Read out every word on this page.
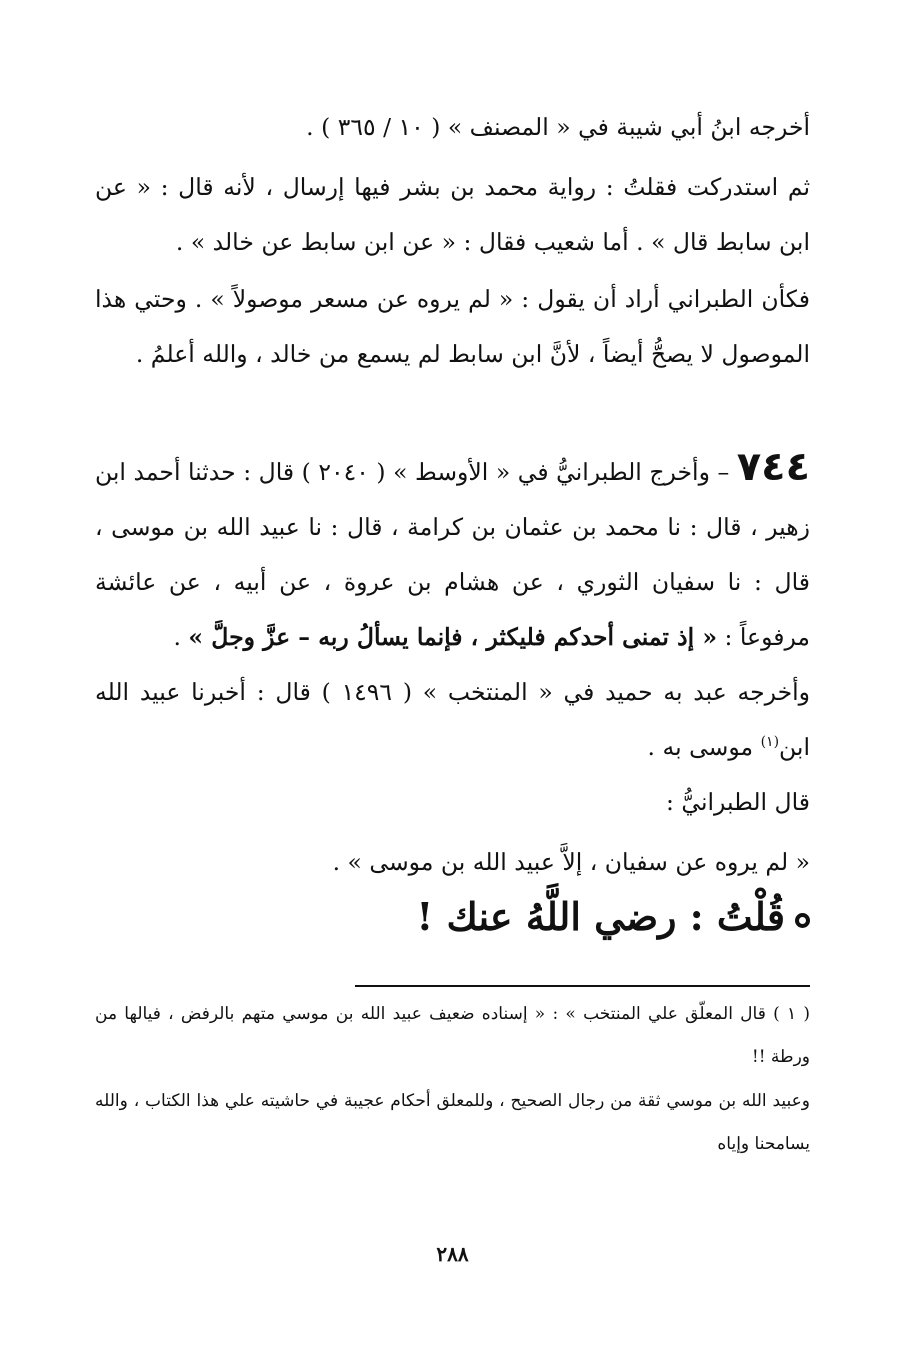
أخرجه ابنُ أبي شيبة في « المصنف » ( ١٠ / ٣٦٥ ) .
ثم استدركت فقلتُ : رواية محمد بن بشر فيها إرسال ، لأنه قال : « عن ابن سابط قال » . أما شعيب فقال : « عن ابن سابط عن خالد » .
فكأن الطبراني أراد أن يقول : « لم يروه عن مسعر موصولاً » . وحتي هذا الموصول لا يصحُّ أيضاً ، لأنَّ ابن سابط لم يسمع من خالد ، والله أعلمُ .
٧٤٤ – وأخرج الطبرانيُّ في « الأوسط » ( ٢٠٤٠ ) قال : حدثنا أحمد ابن زهير ، قال : نا محمد بن عثمان بن كرامة ، قال : نا عبيد الله بن موسى ، قال : نا سفيان الثوري ، عن هشام بن عروة ، عن أبيه ، عن عائشة مرفوعاً : « إذ تمنى أحدكم فليكثر ، فإنما يسألُ ربه – عزَّ وجلَّ » .
وأخرجه عبد به حميد في « المنتخب » ( ١٤٩٦ ) قال : أخبرنا عبيد الله ابن$^{(١)}$ موسى به .
قال الطبرانيُّ :
« لم يروه عن سفيان ، إلاَّ عبيد الله بن موسى » .
قُلْتُ : رضي اللَّهُ عنك !
( ١ ) قال المعلّق علي المنتخب » : « إسناده ضعيف عبيد الله بن موسي متهم بالرفض ، فيالها من ورطة !!
وعبيد الله بن موسي ثقة من رجال الصحيح ، وللمعلق أحكام عجيبة في حاشيته علي هذا الكتاب ، والله يسامحنا وإياه
٢٨٨
